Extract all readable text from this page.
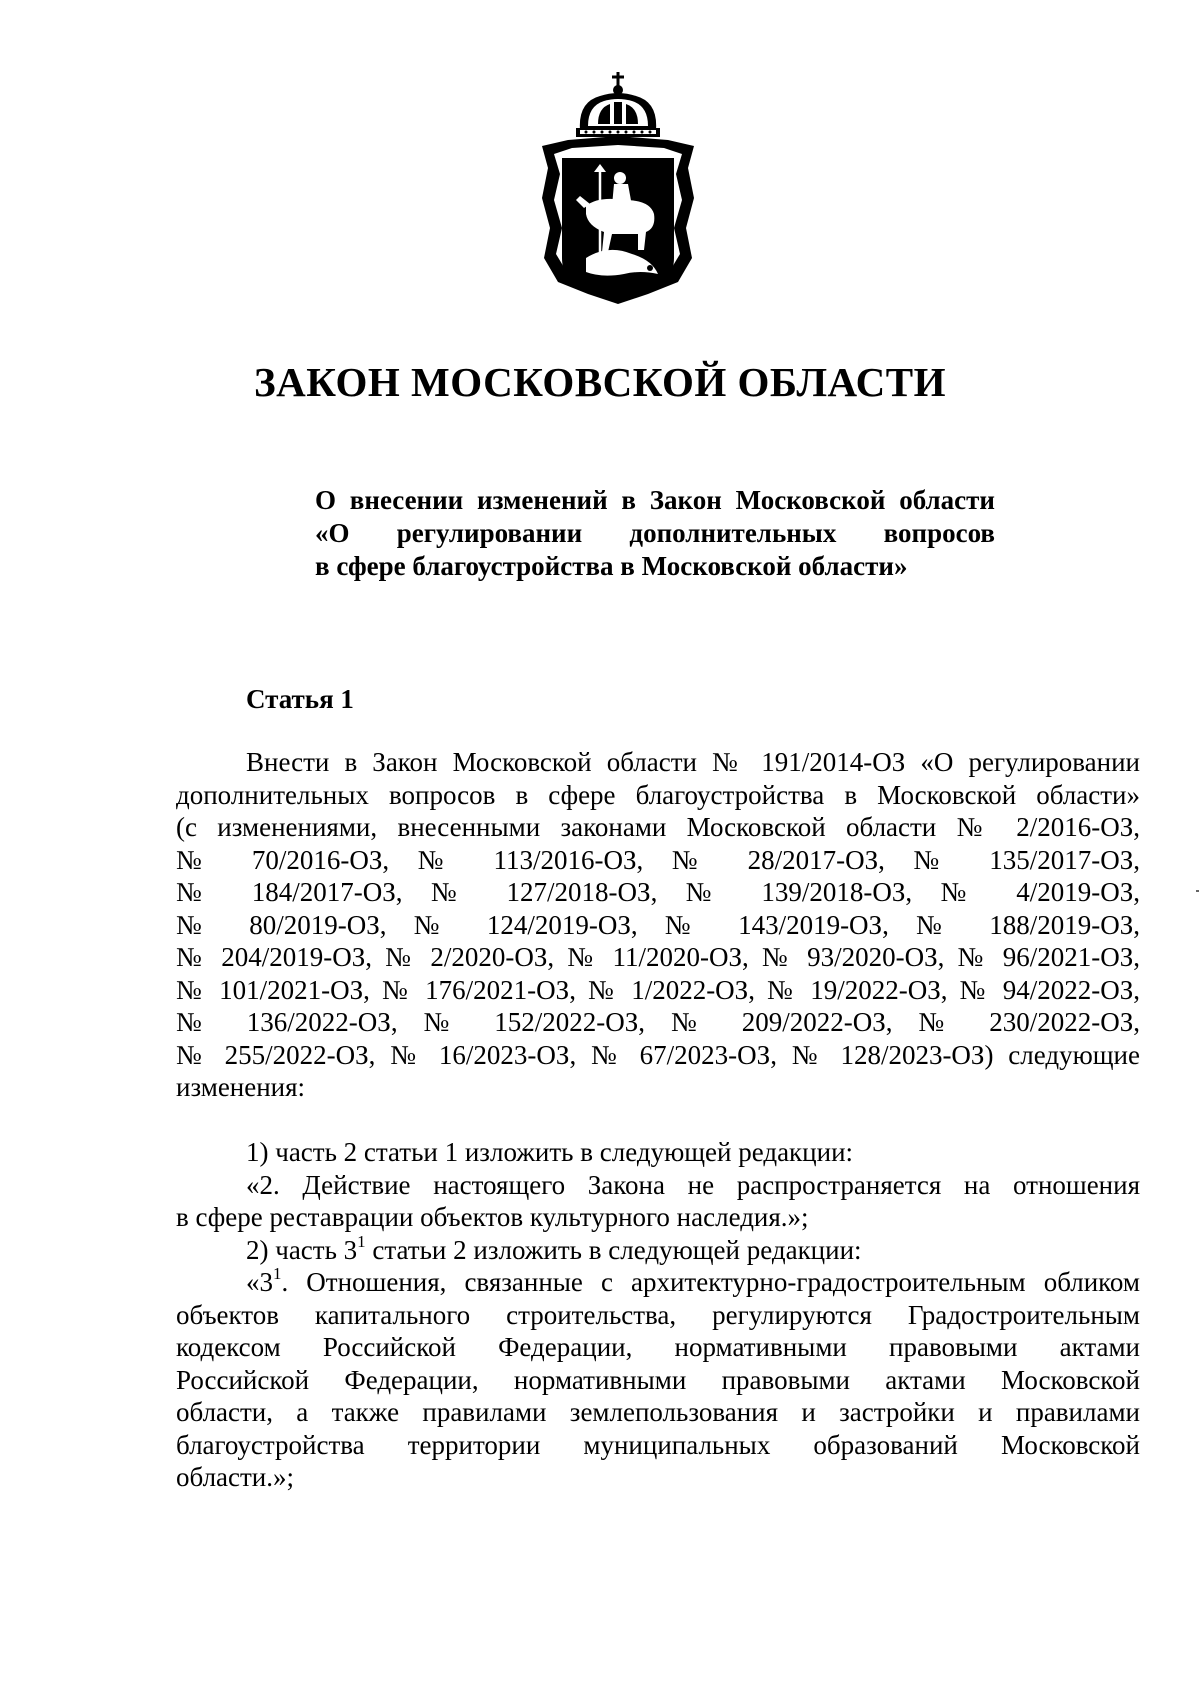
ЗАКОН МОСКОВСКОЙ ОБЛАСТИ
О внесении изменений в Закон Московской области
«О регулировании дополнительных вопросов
в сфере благоустройства в Московской области»
Статья 1
Внести в Закон Московской области № 191/2014-ОЗ «О регулировании
дополнительных вопросов в сфере благоустройства в Московской области»
(с изменениями, внесенными законами Московской области № 2/2016-ОЗ,
№ 70/2016-ОЗ, № 113/2016-ОЗ, № 28/2017-ОЗ, № 135/2017-ОЗ,
№ 184/2017-ОЗ, № 127/2018-ОЗ, № 139/2018-ОЗ, № 4/2019-ОЗ,
№ 80/2019-ОЗ, № 124/2019-ОЗ, № 143/2019-ОЗ, № 188/2019-ОЗ,
№ 204/2019-ОЗ, № 2/2020-ОЗ, № 11/2020-ОЗ, № 93/2020-ОЗ, № 96/2021-ОЗ,
№ 101/2021-ОЗ, № 176/2021-ОЗ, № 1/2022-ОЗ, № 19/2022-ОЗ, № 94/2022-ОЗ,
№ 136/2022-ОЗ, № 152/2022-ОЗ, № 209/2022-ОЗ, № 230/2022-ОЗ,
№ 255/2022-ОЗ, № 16/2023-ОЗ, № 67/2023-ОЗ, № 128/2023-ОЗ) следующие
изменения:
1) часть 2 статьи 1 изложить в следующей редакции:
«2. Действие настоящего Закона не распространяется на отношения
в сфере реставрации объектов культурного наследия.»;
2) часть $3^1$ статьи 2 изложить в следующей редакции:
«$3^1$. Отношения, связанные с архитектурно-градостроительным обликом
объектов капитального строительства, регулируются Градостроительным
кодексом Российской Федерации, нормативными правовыми актами
Российской Федерации, нормативными правовыми актами Московской
области, а также правилами землепользования и застройки и правилами
благоустройства территории муниципальных образований Московской
области.»;
